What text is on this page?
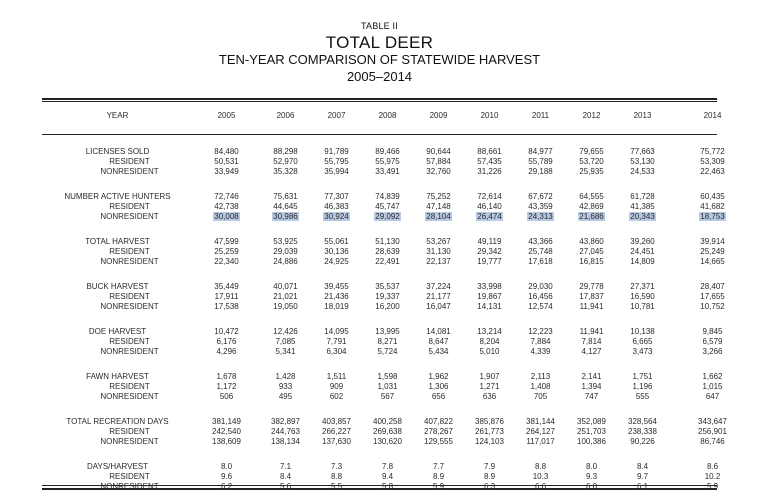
TABLE II
TOTAL DEER
TEN-YEAR COMPARISON OF STATEWIDE HARVEST
2005–2014
YEAR	2005	2006	2007	2008	2009	2010	2011	2012	2013	2014

LICENSES SOLD	84,480	88,298	91,789	89,466	90,644	88,661	84,977	79,655	77,663	75,772
RESIDENT	50,531	52,970	55,795	55,975	57,884	57,435	55,789	53,720	53,130	53,309
NONRESIDENT	33,949	35,328	35,994	33,491	32,760	31,226	29,188	25,935	24,533	22,463

NUMBER ACTIVE HUNTERS	72,746	75,631	77,307	74,839	75,252	72,614	67,672	64,555	61,728	60,435
RESIDENT	42,738	44,645	46,383	45,747	47,148	46,140	43,359	42,869	41,385	41,682
NONRESIDENT	30,008	30,986	30,924	29,092	28,104	26,474	24,313	21,686	20,343	18,753

TOTAL HARVEST	47,599	53,925	55,061	51,130	53,267	49,119	43,366	43,860	39,260	39,914
RESIDENT	25,259	29,039	30,136	28,639	31,130	29,342	25,748	27,045	24,451	25,249
NONRESIDENT	22,340	24,886	24,925	22,491	22,137	19,777	17,618	16,815	14,809	14,665

BUCK HARVEST	35,449	40,071	39,455	35,537	37,224	33,998	29,030	29,778	27,371	28,407
RESIDENT	17,911	21,021	21,436	19,337	21,177	19,867	16,456	17,837	16,590	17,655
NONRESIDENT	17,538	19,050	18,019	16,200	16,047	14,131	12,574	11,941	10,781	10,752

DOE HARVEST	10,472	12,426	14,095	13,995	14,081	13,214	12,223	11,941	10,138	9,845
RESIDENT	6,176	7,085	7,791	8,271	8,647	8,204	7,884	7,814	6,665	6,579
NONRESIDENT	4,296	5,341	6,304	5,724	5,434	5,010	4,339	4,127	3,473	3,266

FAWN HARVEST	1,678	1,428	1,511	1,598	1,962	1,907	2,113	2,141	1,751	1,662
RESIDENT	1,172	933	909	1,031	1,306	1,271	1,408	1,394	1,196	1,015
NONRESIDENT	506	495	602	567	656	636	705	747	555	647

TOTAL RECREATION DAYS	381,149	382,897	403,857	400,258	407,822	385,876	381,144	352,089	328,564	343,647
RESIDENT	242,540	244,763	266,227	269,638	278,267	261,773	264,127	251,703	238,338	256,901
NONRESIDENT	138,609	138,134	137,630	130,620	129,555	124,103	117,017	100,386	90,226	86,746

DAYS/HARVEST	8.0	7.1	7.3	7.8	7.7	7.9	8.8	8.0	8.4	8.6
RESIDENT	9.6	8.4	8.8	9.4	8.9	8.9	10.3	9.3	9.7	10.2
NONRESIDENT	6.2	5.6	5.5	5.8	5.9	6.3	6.6	6.0	6.1	5.9
